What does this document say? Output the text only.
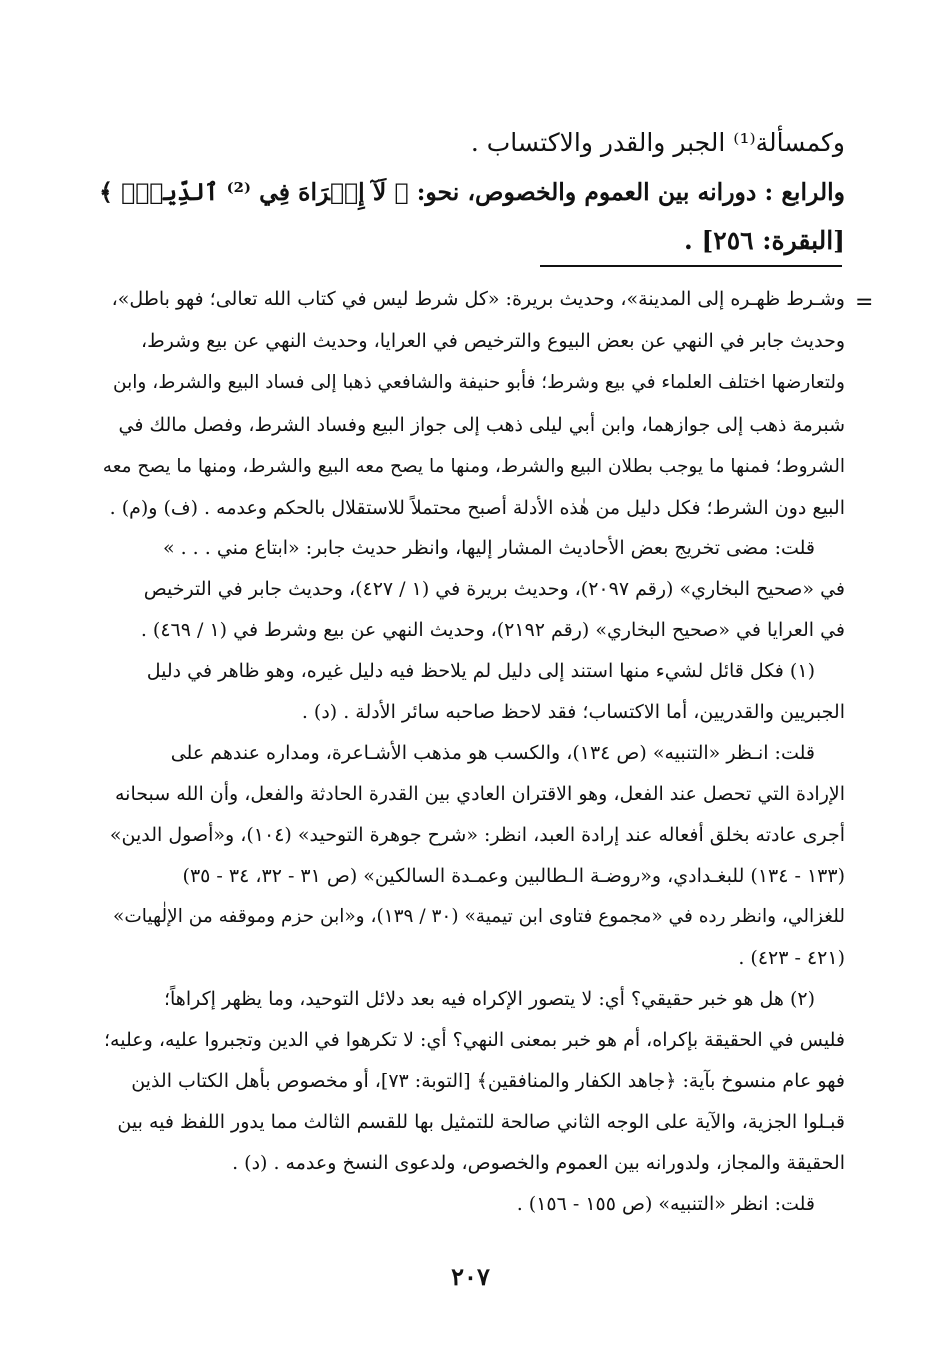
وكمسألة⁽¹⁾ الجبر والقدر والاكتساب .
والرابع : دورانه بين العموم والخصوص، نحو: ﴿ لَآ إِكۡرَاهَ فِي ⁽²⁾ ٱلدِّينِۖ ﴾
[البقرة: ٢٥٦] .
=
وشـرط ظهـره إلى المدينة»، وحديث بريرة: «كل شرط ليس في كتاب الله تعالى؛ فهو باطل»،
وحديث جابر في النهي عن بعض البيوع والترخيص في العرايا، وحديث النهي عن بيع وشرط،
ولتعارضها اختلف العلماء في بيع وشرط؛ فأبو حنيفة والشافعي ذهبا إلى فساد البيع والشرط، وابن
شبرمة ذهب إلى جوازهما، وابن أبي ليلى ذهب إلى جواز البيع وفساد الشرط، وفصل مالك في
الشروط؛ فمنها ما يوجب بطلان البيع والشرط، ومنها ما يصح معه البيع والشرط، ومنها ما يصح معه
البيع دون الشرط؛ فكل دليل من هٰذه الأدلة أصبح محتملاً للاستقلال بالحكم وعدمه . (ف) و(م) .
قلت: مضى تخريج بعض الأحاديث المشار إليها، وانظر حديث جابر: «ابتاع مني . . . »
في «صحيح البخاري» (رقم ٢٠٩٧)، وحديث بريرة في (١ / ٤٢٧)، وحديث جابر في الترخيص
في العرايا في «صحيح البخاري» (رقم ٢١٩٢)، وحديث النهي عن بيع وشرط في (١ / ٤٦٩) .
(١) فكل قائل لشيء منها استند إلى دليل لم يلاحظ فيه دليل غيره، وهو ظاهر في دليل
الجبريين والقدريين، أما الاكتساب؛ فقد لاحظ صاحبه سائر الأدلة . (د) .
قلت: انـظر «التنبيه» (ص ١٣٤)، والكسب هو مذهب الأشـاعرة، ومداره عندهم على
الإرادة التي تحصل عند الفعل، وهو الاقتران العادي بين القدرة الحادثة والفعل، وأن الله سبحانه
أجرى عادته بخلق أفعاله عند إرادة العبد، انظر: «شرح جوهرة التوحيد» (١٠٤)، و«أصول الدين»
(١٣٣ - ١٣٤) للبغـدادي، و«روضـة الـطالبين وعمـدة السالكين» (ص ٣١ - ٣٢، ٣٤ - ٣٥)
للغزالي، وانظر رده في «مجموع فتاوى ابن تيمية» (٣٠ / ١٣٩)، و«ابن حزم وموقفه من الإلٰهيات»
(٤٢١ - ٤٢٣) .
(٢) هل هو خبر حقيقي؟ أي: لا يتصور الإكراه فيه بعد دلائل التوحيد، وما يظهر إكراهاً؛
فليس في الحقيقة بإكراه، أم هو خبر بمعنى النهي؟ أي: لا تكرهوا في الدين وتجبروا عليه، وعليه؛
فهو عام منسوخ بآية: ﴿جاهد الكفار والمنافقين﴾ [التوبة: ٧٣]، أو مخصوص بأهل الكتاب الذين
قبـلوا الجزية، والآية على الوجه الثاني صالحة للتمثيل بها للقسم الثالث مما يدور اللفظ فيه بين
الحقيقة والمجاز، ولدورانه بين العموم والخصوص، ولدعوى النسخ وعدمه . (د) .
قلت: انظر «التنبيه» (ص ١٥٥ - ١٥٦) .
٢٠٧
